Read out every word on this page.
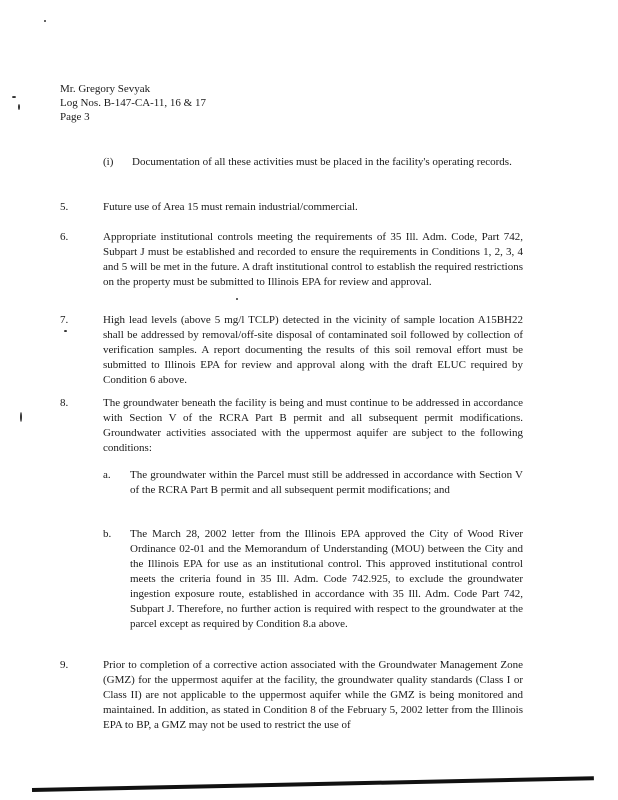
Mr. Gregory Sevyak
Log Nos. B-147-CA-11, 16 & 17
Page 3
(i) Documentation of all these activities must be placed in the facility's operating records.
5.	Future use of Area 15 must remain industrial/commercial.
6.	Appropriate institutional controls meeting the requirements of 35 Ill. Adm. Code, Part 742, Subpart J must be established and recorded to ensure the requirements in Conditions 1, 2, 3, 4 and 5 will be met in the future. A draft institutional control to establish the required restrictions on the property must be submitted to Illinois EPA for review and approval.
7.	High lead levels (above 5 mg/l TCLP) detected in the vicinity of sample location A15BH22 shall be addressed by removal/off-site disposal of contaminated soil followed by collection of verification samples. A report documenting the results of this soil removal effort must be submitted to Illinois EPA for review and approval along with the draft ELUC required by Condition 6 above.
8.	The groundwater beneath the facility is being and must continue to be addressed in accordance with Section V of the RCRA Part B permit and all subsequent permit modifications. Groundwater activities associated with the uppermost aquifer are subject to the following conditions:
a. The groundwater within the Parcel must still be addressed in accordance with Section V of the RCRA Part B permit and all subsequent permit modifications; and
b. The March 28, 2002 letter from the Illinois EPA approved the City of Wood River Ordinance 02-01 and the Memorandum of Understanding (MOU) between the City and the Illinois EPA for use as an institutional control. This approved institutional control meets the criteria found in 35 Ill. Adm. Code 742.925, to exclude the groundwater ingestion exposure route, established in accordance with 35 Ill. Adm. Code Part 742, Subpart J. Therefore, no further action is required with respect to the groundwater at the parcel except as required by Condition 8.a above.
9.	Prior to completion of a corrective action associated with the Groundwater Management Zone (GMZ) for the uppermost aquifer at the facility, the groundwater quality standards (Class I or Class II) are not applicable to the uppermost aquifer while the GMZ is being monitored and maintained. In addition, as stated in Condition 8 of the February 5, 2002 letter from the Illinois EPA to BP, a GMZ may not be used to restrict the use of
